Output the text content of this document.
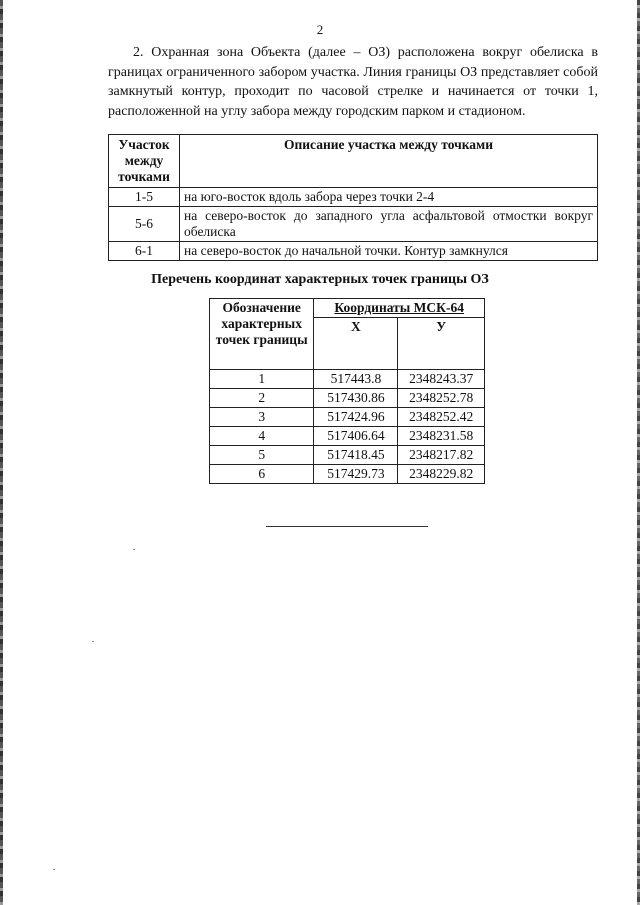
2

2. Охранная зона Объекта (далее – ОЗ) расположена вокруг обелиска в границах ограниченного забором участка. Линия границы ОЗ представляет собой замкнутый контур, проходит по часовой стрелке и начинается от точки 1, расположенной на углу забора между городским парком и стадионом.

Участок между точками	Описание участка между точками
1-5	на юго-восток вдоль забора через точки 2-4
5-6	на северо-восток до западного угла асфальтовой отмостки вокруг обелиска
6-1	на северо-восток до начальной точки. Контур замкнулся

Перечень координат характерных точек границы ОЗ

Обозначение характерных точек границы	Координаты МСК-64	
	X	У
1	517443.8	2348243.37
2	517430.86	2348252.78
3	517424.96	2348252.42
4	517406.64	2348231.58
5	517418.45	2348217.82
6	517429.73	2348229.82
